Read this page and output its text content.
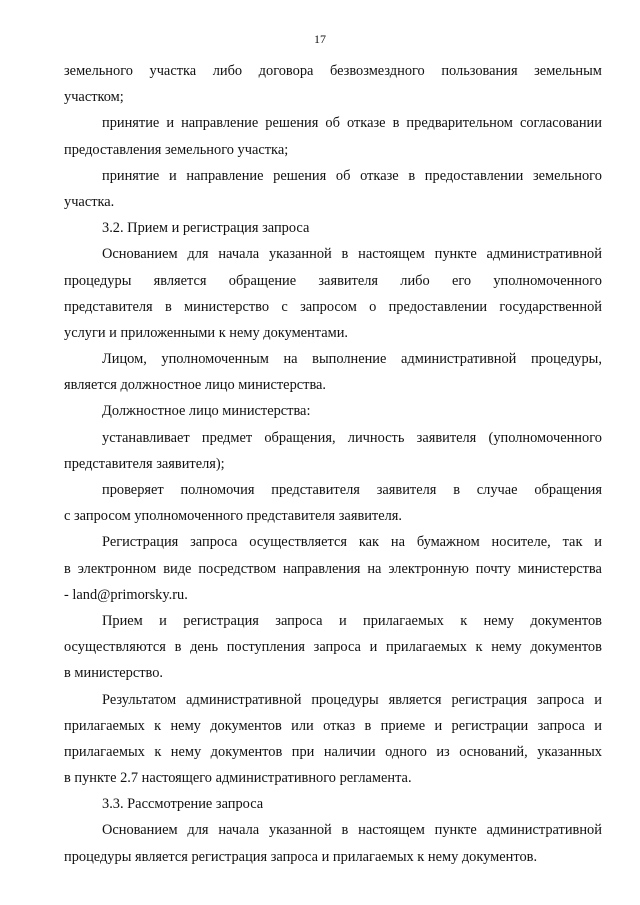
17
земельного участка либо договора безвозмездного пользования земельным
участком;
принятие и направление решения об отказе в предварительном согласовании
предоставления земельного участка;
принятие и направление решения об отказе в предоставлении земельного
участка.
3.2. Прием и регистрация запроса
Основанием для начала указанной в настоящем пункте административной
процедуры является обращение заявителя либо его уполномоченного
представителя в министерство с запросом о предоставлении государственной
услуги и приложенными к нему документами.
Лицом, уполномоченным на выполнение административной процедуры,
является должностное лицо министерства.
Должностное лицо министерства:
устанавливает предмет обращения, личность заявителя (уполномоченного
представителя заявителя);
проверяет полномочия представителя заявителя в случае обращения
с запросом уполномоченного представителя заявителя.
Регистрация запроса осуществляется как на бумажном носителе, так и
в электронном виде посредством направления на электронную почту министерства
- land@primorsky.ru.
Прием и регистрация запроса и прилагаемых к нему документов
осуществляются в день поступления запроса и прилагаемых к нему документов
в министерство.
Результатом административной процедуры является регистрация запроса и
прилагаемых к нему документов или отказ в приеме и регистрации запроса и
прилагаемых к нему документов при наличии одного из оснований, указанных
в пункте 2.7 настоящего административного регламента.
3.3. Рассмотрение запроса
Основанием для начала указанной в настоящем пункте административной
процедуры является регистрация запроса и прилагаемых к нему документов.
